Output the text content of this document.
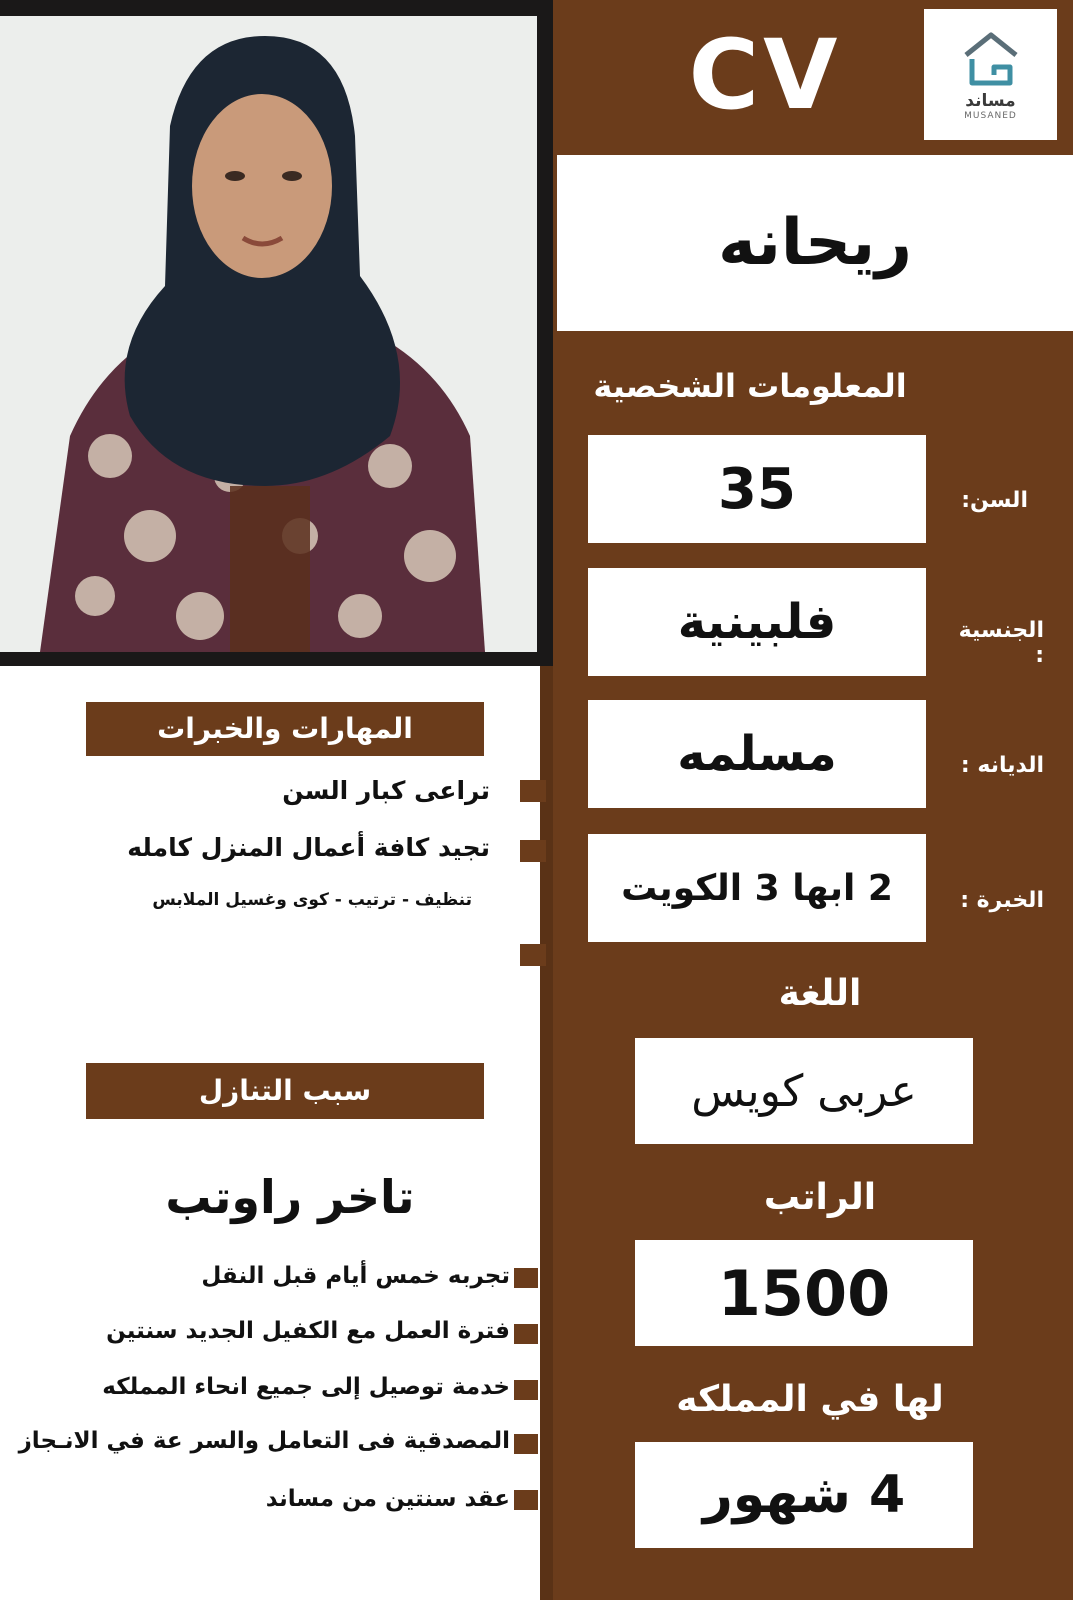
CV	مساند
MUSANED
ريحانه
المعلومات الشخصية
35	السن:
فلبينية	الجنسية :
مسلمه	الديانه :
2 ابها 3 الكويت	الخبرة :
اللغة
عربى كويس
الراتب
1500
لها في المملكه
4 شهور
المهارات والخبرات
تراعى كبار السن
تجيد كافة أعمال المنزل كامله
تنظيف - ترتيب - كوى وغسيل الملابس
سبب التنازل
تاخر راوتب
تجربه خمس أيام قبل النقل
فترة العمل مع الكفيل الجديد سنتين
خدمة توصيل إلى جميع انحاء المملكه
المصدقية فى التعامل والسر عة في الانـجاز
عقد سنتين من مساند
